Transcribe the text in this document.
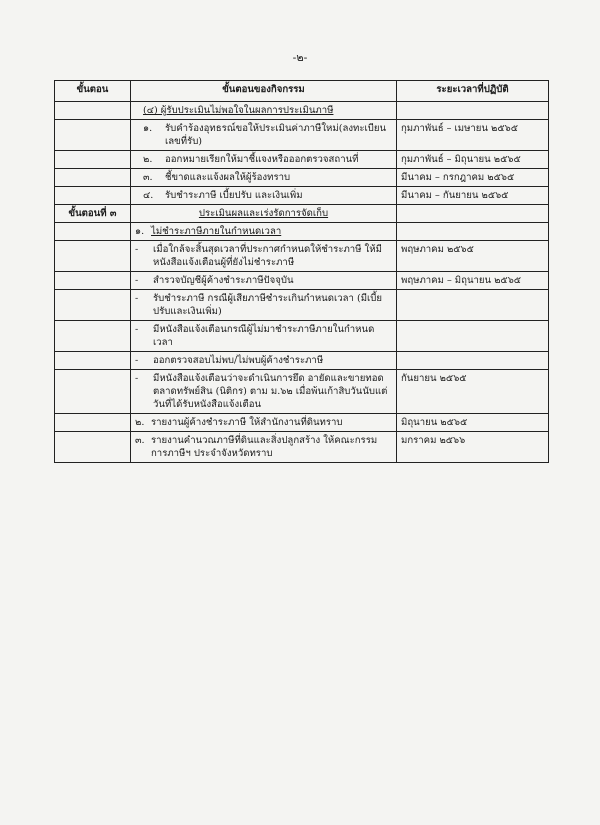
-๒-
ขั้นตอน	ขั้นตอนของกิจกรรม	ระยะเวลาที่ปฏิบัติ
	(๔) ผู้รับประเมินไม่พอใจในผลการประเมินภาษี	

	๑. รับคำร้องอุทธรณ์ขอให้ประเมินค่าภาษีใหม่(ลงทะเบียนเลขที่รับ)	กุมภาพันธ์ – เมษายน ๒๕๖๕

	๒. ออกหมายเรียกให้มาชี้แจงหรือออกตรวจสถานที่	กุมภาพันธ์ – มิถุนายน ๒๕๖๕

	๓. ชี้ขาดและแจ้งผลให้ผู้ร้องทราบ	มีนาคม – กรกฎาคม ๒๕๖๕

	๔. รับชำระภาษี เบี้ยปรับ และเงินเพิ่ม	มีนาคม – กันยายน ๒๕๖๕
ขั้นตอนที่ ๓	ประเมินผลและเร่งรัดการจัดเก็บ	

	๑. ไม่ชำระภาษีภายในกำหนดเวลา	

	- เมื่อใกล้จะสิ้นสุดเวลาที่ประกาศกำหนดให้ชำระภาษี ให้มีหนังสือแจ้งเตือนผู้ที่ยังไม่ชำระภาษี	พฤษภาคม ๒๕๖๕

	- สำรวจบัญชีผู้ค้างชำระภาษีปัจจุบัน	พฤษภาคม – มิถุนายน ๒๕๖๕

	- รับชำระภาษี กรณีผู้เสียภาษีชำระเกินกำหนดเวลา (มีเบี้ยปรับและเงินเพิ่ม)	

	- มีหนังสือแจ้งเตือนกรณีผู้ไม่มาชำระภาษีภายในกำหนดเวลา	

	- ออกตรวจสอบไม่พบ/ไม่พบผู้ค้างชำระภาษี	

	- มีหนังสือแจ้งเตือนว่าจะดำเนินการยึด อายัดและขายทอดตลาดทรัพย์สิน (นิติกร) ตาม ม.๖๒ เมื่อพ้นเก้าสิบวันนับแต่วันที่ได้รับหนังสือแจ้งเตือน	กันยายน ๒๕๖๕

	๒. รายงานผู้ค้างชำระภาษี ให้สำนักงานที่ดินทราบ	มิถุนายน ๒๕๖๕

	๓. รายงานคำนวณภาษีที่ดินและสิ่งปลูกสร้าง ให้คณะกรรมการภาษีฯ ประจำจังหวัดทราบ	มกราคม ๒๕๖๖
